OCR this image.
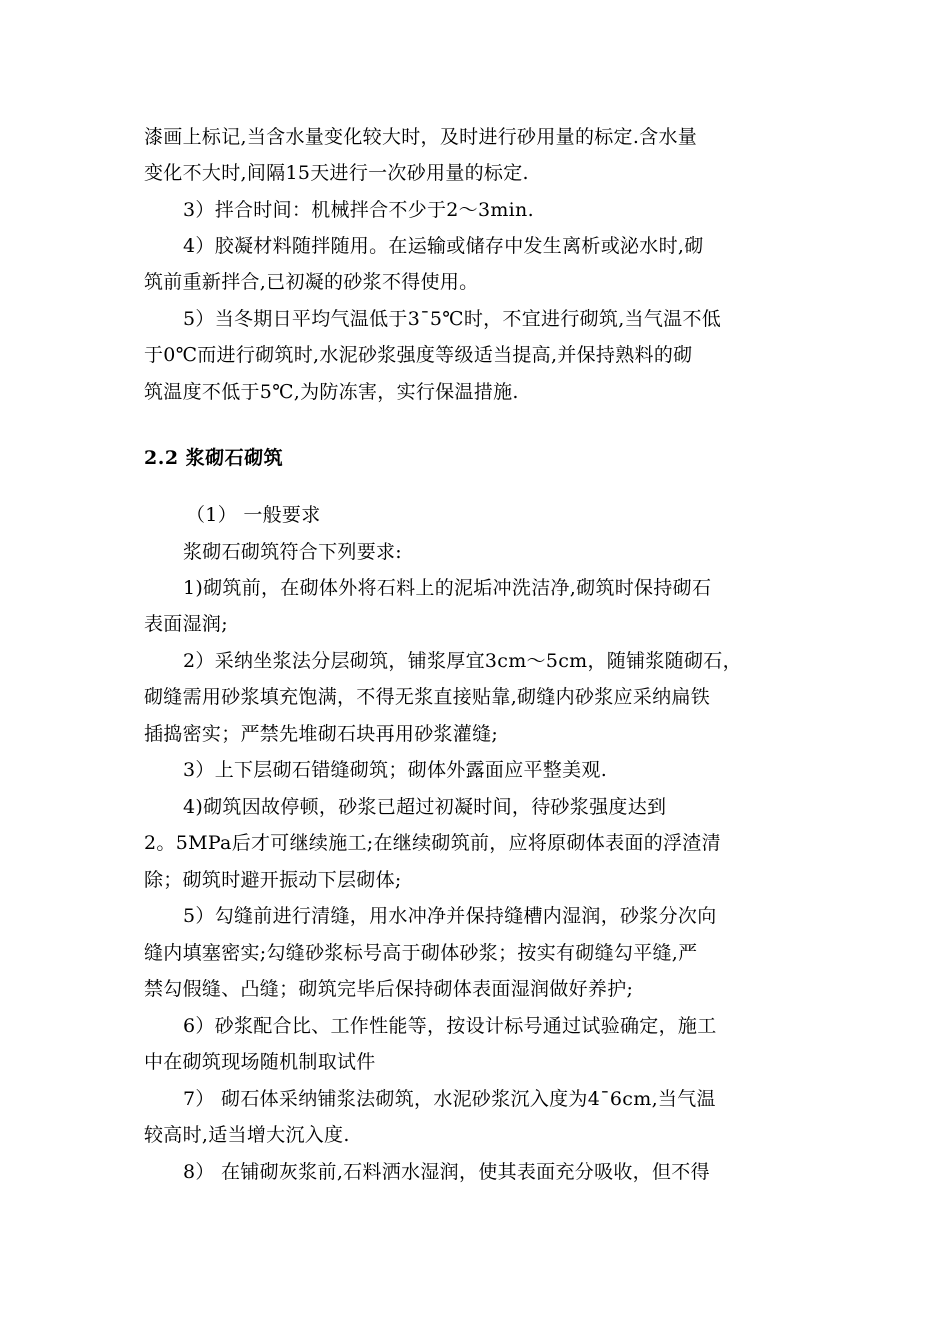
漆画上标记,当含水量变化较大时，及时进行砂用量的标定.含水量
变化不大时,间隔15天进行一次砂用量的标定.
3）拌合时间：机械拌合不少于2～3min.
4）胶凝材料随拌随用。在运输或储存中发生离析或泌水时,砌
筑前重新拌合,已初凝的砂浆不得使用。
5）当冬期日平均气温低于3¯5℃时，不宜进行砌筑,当气温不低
于0℃而进行砌筑时,水泥砂浆强度等级适当提高,并保持熟料的砌
筑温度不低于5℃,为防冻害，实行保温措施.
2.2 浆砌石砌筑
（1） 一般要求
浆砌石砌筑符合下列要求:
1)砌筑前，在砌体外将石料上的泥垢冲洗洁净,砌筑时保持砌石
表面湿润;
2）采纳坐浆法分层砌筑，铺浆厚宜3cm～5cm，随铺浆随砌石，
砌缝需用砂浆填充饱满，不得无浆直接贴靠,砌缝内砂浆应采纳扁铁
插捣密实；严禁先堆砌石块再用砂浆灌缝;
3）上下层砌石错缝砌筑；砌体外露面应平整美观.
4)砌筑因故停顿，砂浆已超过初凝时间，待砂浆强度达到
2。5MPa后才可继续施工;在继续砌筑前，应将原砌体表面的浮渣清
除；砌筑时避开振动下层砌体;
5）勾缝前进行清缝，用水冲净并保持缝槽内湿润，砂浆分次向
缝内填塞密实;勾缝砂浆标号高于砌体砂浆；按实有砌缝勾平缝,严
禁勾假缝、凸缝；砌筑完毕后保持砌体表面湿润做好养护;
6）砂浆配合比、工作性能等，按设计标号通过试验确定，施工
中在砌筑现场随机制取试件
7） 砌石体采纳铺浆法砌筑，水泥砂浆沉入度为4¯6cm,当气温
较高时,适当增大沉入度.
8） 在铺砌灰浆前,石料洒水湿润，使其表面充分吸收，但不得
